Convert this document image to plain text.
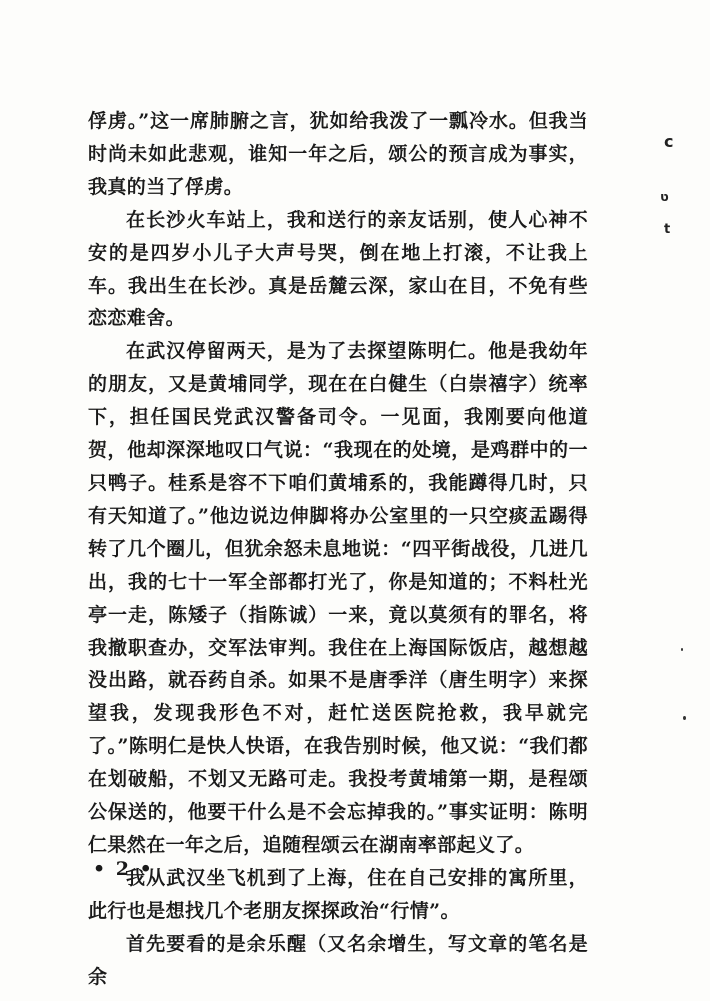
俘虏。”这一席肺腑之言，犹如给我泼了一瓢冷水。但我当时尚未如此悲观，谁知一年之后，颂公的预言成为事实，我真的当了俘虏。

在长沙火车站上，我和送行的亲友话别，使人心神不安的是四岁小儿子大声号哭，倒在地上打滚，不让我上车。我出生在长沙。真是岳麓云深，家山在目，不免有些恋恋难舍。

在武汉停留两天，是为了去探望陈明仁。他是我幼年的朋友，又是黄埔同学，现在在白健生（白崇禧字）统率下，担任国民党武汉警备司令。一见面，我刚要向他道贺，他却深深地叹口气说：“我现在的处境，是鸡群中的一只鸭子。桂系是容不下咱们黄埔系的，我能蹲得几时，只有天知道了。”他边说边伸脚将办公室里的一只空痰盂踢得转了几个圈儿，但犹余怒未息地说：“四平街战役，几进几出，我的七十一军全部都打光了，你是知道的；不料杜光亭一走，陈矮子（指陈诚）一来，竟以莫须有的罪名，将我撤职查办，交军法审判。我住在上海国际饭店，越想越没出路，就吞药自杀。如果不是唐季洋（唐生明字）来探望我，发现我形色不对，赶忙送医院抢救，我早就完了。”陈明仁是快人快语，在我告别时候，他又说：“我们都在划破船，不划又无路可走。我投考黄埔第一期，是程颂公保送的，他要干什么是不会忘掉我的。”事实证明：陈明仁果然在一年之后，追随程颂云在湖南率部起义了。

我从武汉坐飞机到了上海，住在自己安排的寓所里，此行也是想找几个老朋友探探政治“行情”。

首先要看的是余乐醒（又名余增生，写文章的笔名是余

• 2 •
c
ט
t
